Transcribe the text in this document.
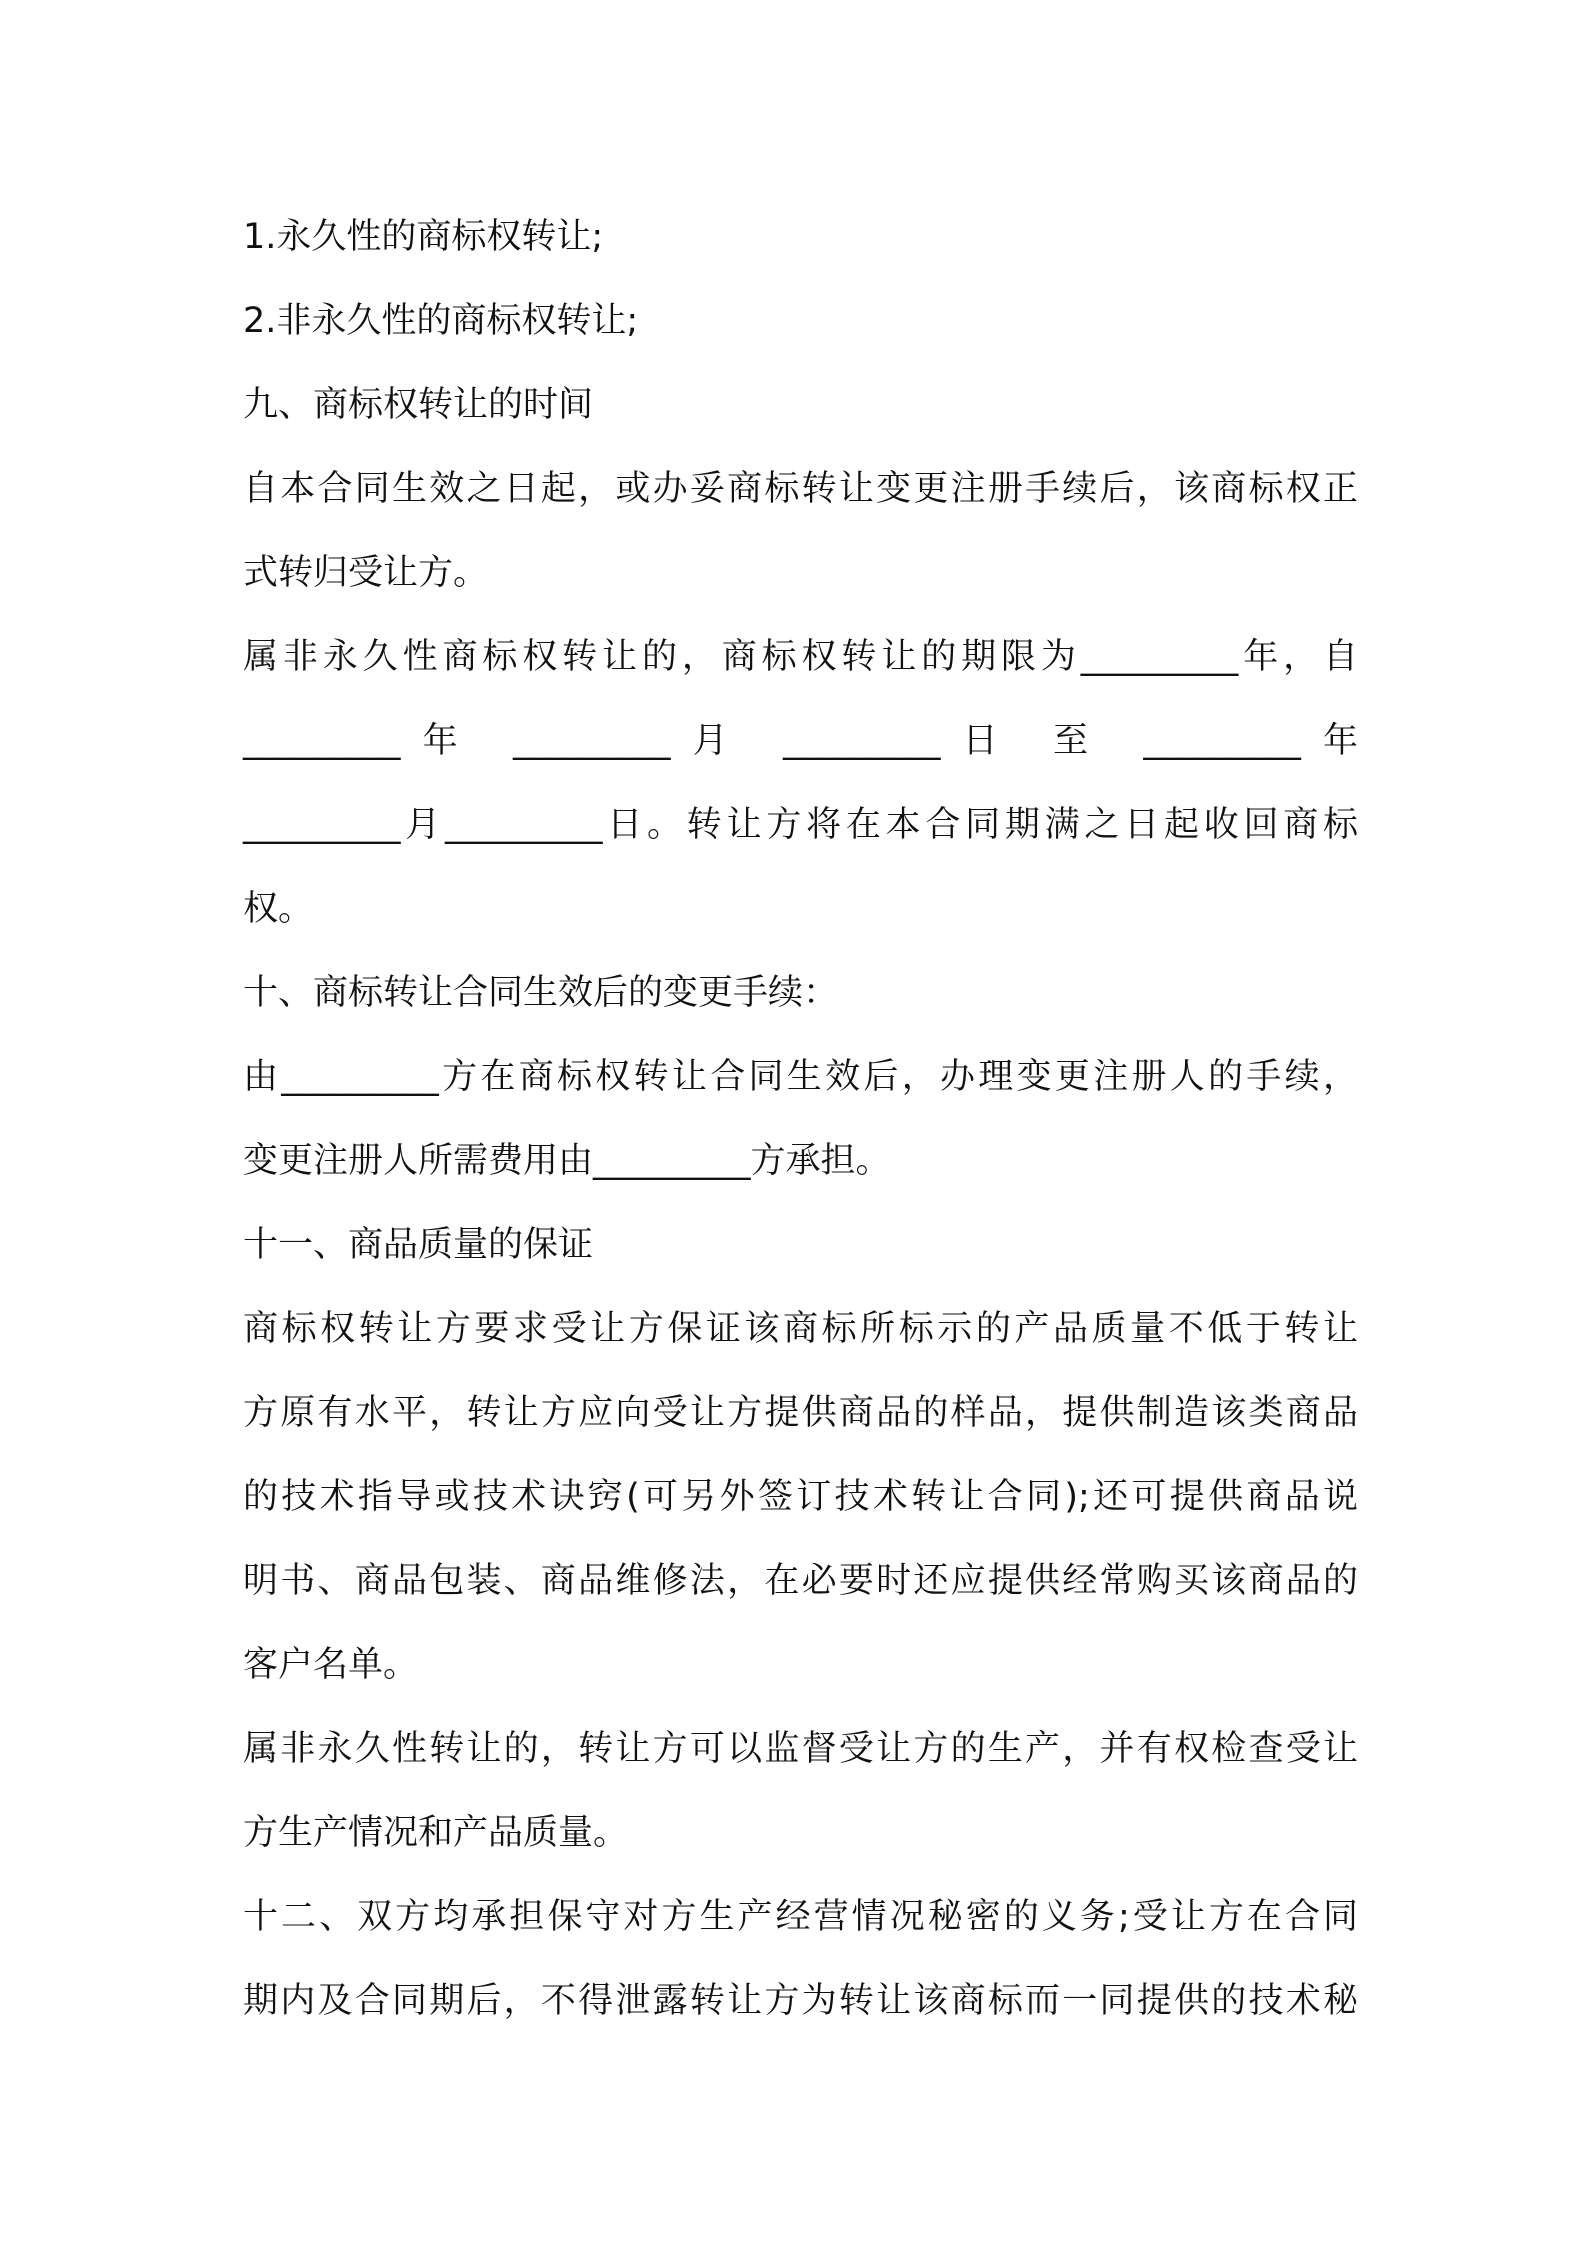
1.永久性的商标权转让;
2.非永久性的商标权转让;
九、商标权转让的时间
自本合同生效之日起，或办妥商标转让变更注册手续后，该商标权正
式转归受让方。
属非永久性商标权转让的，商标权转让的期限为_________年，自
_________年 _________月 _________日 至 _________年
_________月_________日。转让方将在本合同期满之日起收回商标
权。
十、商标转让合同生效后的变更手续：
由_________方在商标权转让合同生效后，办理变更注册人的手续，
变更注册人所需费用由_________方承担。
十一、商品质量的保证
商标权转让方要求受让方保证该商标所标示的产品质量不低于转让
方原有水平，转让方应向受让方提供商品的样品，提供制造该类商品
的技术指导或技术诀窍(可另外签订技术转让合同);还可提供商品说
明书、商品包装、商品维修法，在必要时还应提供经常购买该商品的
客户名单。
属非永久性转让的，转让方可以监督受让方的生产，并有权检查受让
方生产情况和产品质量。
十二、双方均承担保守对方生产经营情况秘密的义务;受让方在合同
期内及合同期后，不得泄露转让方为转让该商标而一同提供的技术秘
